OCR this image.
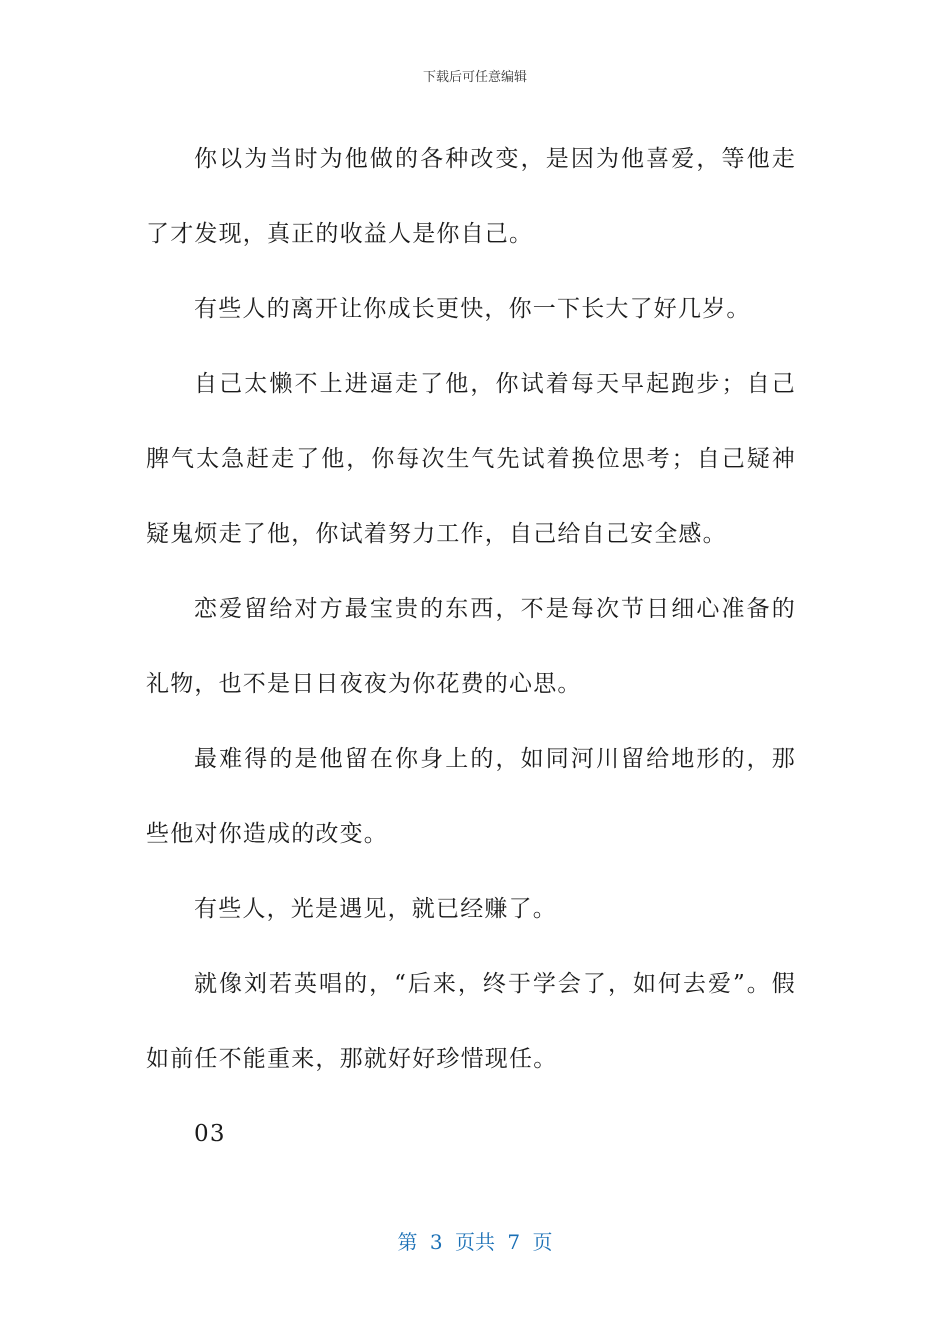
下载后可任意编辑

你以为当时为他做的各种改变，是因为他喜爱，等他走了才发现，真正的收益人是你自己。

有些人的离开让你成长更快，你一下长大了好几岁。

自己太懒不上进逼走了他，你试着每天早起跑步；自己脾气太急赶走了他，你每次生气先试着换位思考；自己疑神疑鬼烦走了他，你试着努力工作，自己给自己安全感。

恋爱留给对方最宝贵的东西，不是每次节日细心准备的礼物，也不是日日夜夜为你花费的心思。

最难得的是他留在你身上的，如同河川留给地形的，那些他对你造成的改变。

有些人，光是遇见，就已经赚了。

就像刘若英唱的，“后来，终于学会了，如何去爱”。假如前任不能重来，那就好好珍惜现任。

03

第 3 页共 7 页
